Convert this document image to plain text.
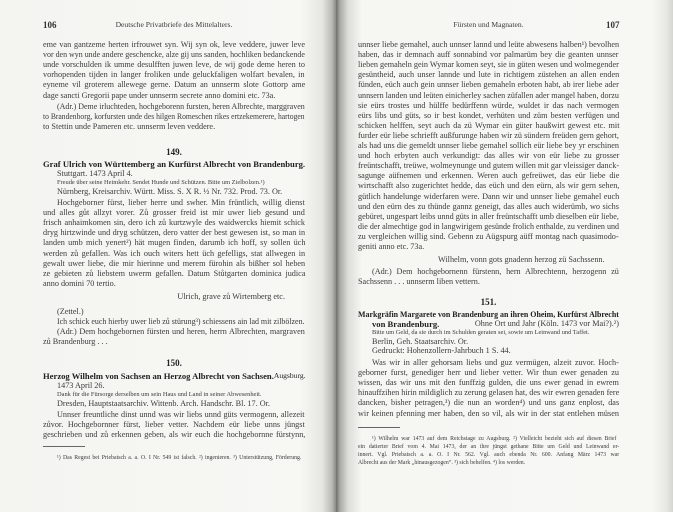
106	Deutsche Privatbriefe des Mittelalters.
149.
Graf Ulrich von Württemberg an Kurfürst Albrecht von Brandenburg.
Stuttgart. 1473 April 4.
Freude über seine Heimkehr. Sendet Hunde und Schützen. Bitte um Zielbolzen.¹)
Nürnberg, Kreisarchiv. Württ. Miss. S. X R. ½ Nr. 732. Prod. 73. Or.
Ulrich, grave zů Wirtemberg etc.
(Zettel.)
Ich schick euch hierby uwer lieb zů stürung³) schiessens ain lad mit zilbölzen.
150.
Herzog Wilhelm von Sachsen an Herzog Albrecht von Sachsen. Augsburg.
1473 April 26.
Dank für die Fürsorge derselben um sein Haus und Land in seiner Abwesenheit.
Dresden, Hauptstaatsarchiv. Wittenb. Arch. Handschr. Bl. 17. Or.
¹) Das Regest bei Priebatsch a. a. O. I Nr. 549 ist falsch. ²) ingenieren. ³) Unterstützung, Förderung.
eme van gantzeme herten irfrouwet syn. Wij syn ok, leve veddere, juwer leve
vor den wyn unde andere geschencke, alze gij uns sanden, hochliken bedanckende
unde vorschulden ik umme desulfften juwen leve, de wij gode deme heren to
vorhopenden tijden in langer froliken unde geluckfaligen wolfart bevalen, in
eyneme vil groterem allewege gerne. Datum an unnserm slote Gottorp ame
dage sancti Gregorii pape under unnserm secrete anno domini etc. 73a.
(Adr.) Deme irluchteden, hochgeborenn fursten, heren Albrechte, marggraven
to Brandenborg, korfursten unde des hilgen Romeschen rikes ertzekemerere, hartogen
to Stettin unde Pameren etc. unnserm leven veddere.
Hochgeborner fürst, lieber herre und swher. Min früntlich, willig dienst
und alles gůt allzyt vorer. Zů grosser freid ist mir uwer lieb gesund und
frisch anhaimkomen sin, dero ich zů kurtzwyle des waidwercks hiemit schick
dryg hirtzwinde und dryg schützen, dero vatter der best gewesen ist, so man in
landen umb mich yenert²) hät mugen finden, darumb ich hoff, sy sollen üch
werden zů gefallen. Was ich ouch witers hett üch gefelligs, stat allwegen in
gewalt uwer liebe, die mir hierinne und merem fürohin als bißher sol heben
ze gebieten zů liebstem uwerm gefallen. Datum Stůtgarten dominica judica
anno domini 70 tertio.
(Adr.) Dem hochgebornen fürsten und heren, herrn Albrechten, margraven
zů Brandenburg . . .
Unnser freuntliche dinst unnd was wir liebs unnd güts vermogenn, allezeit
zůvor. Hochgebornner fürst, lieber vetter. Nachdem eür liebe unns jüngst
geschrieben und zů erkennen geben, als wir euch die hochgebornne fürstynn,
Fürsten und Magnaten.	107
Wilhelm, vonn gots gnadenn herzog zü Sachssenn.
151.
Markgräfin Margarete von Brandenburg an ihren Oheim, Kurfürst Albrecht
von Brandenburg.	Ohne Ort und Jahr (Köln. 1473 vor Mai?).²)
Bitte um Geld, da sie durch im Schulden geraten sei, sowie um Leinwand und Taffet.
Berlin, Geh. Staatsarchiv. Or.
Gedruckt: Hohenzollern-Jahrbuch 1 S. 44.
unnser liebe gemahel, auch unnser lannd und leüte abwesens halben¹) bevolhen
haben, das ir demnach auff sonnabind vor palmarüm bey die geanten unnser
lieben gemaheln gein Wymar komen seyt, sie in güten wesen und wolmegender
gesüntheid, auch unser lannde und lute in richtigem züstehen an allen enden
fünden, eüch auch gein unnser lieben gemaheln erboten habt, ab irer liebe ader
unnsern landen und leüten einicherley sachen züfallen ader mangel haben, dorzu
sie eürs trostes und hülffe bedürffenn würde, wuldet ir das nach vermogen
eürs libs und güts, so ir best kondet, verhüten und züm besten verfügen und
schicken helffen, seyt auch da zü Wymar ein güter haußwirt gewest etc. mit
furder eür liebe schriefft außfurunge haben wir zü sündern freüden gern gehort,
als had uns die gemeldt unnser liebe gemahel sollich eür liebe bey yr erschinen
und hoch erbyten auch verkundigt: das alles wir von eür liebe zu grosser
freüntschafft, treüwe, wolmeynunge und gutem willen mit gar vleissiger danck-
sagunge aüfnemen und erkennen. Weren auch gefreüwet, das eür liebe die
wirtschafft also zugerichtet hedde, das eüch und den eürn, als wir gern sehen,
gütlich handelunge widerfaren were. Dann wir und unnser liebe gemahel euch
und den eürn des zu thünde gannz geneigt, das alles auch widerümb, wo sichs
gebüret, ungespart leibs unnd güts in aller freüntschafft umb dieselben eür liebe,
die der almechtige god in langwirigem gesünde frolich enthalde, zu verdinen und
zu vergleichen willig sind. Gebenn zu Aügspurg aüff montag nach quasimodo-
geniti anno etc. 73a.
(Adr.) Dem hochgebornenn fürstenn, hern Albrechtenn, herzogenn zü
Sachssenn . . . unnserm liben vettern.
Was wir in aller gehorsam liebs und guz vermügen, alzeit zuvor. Hoch-
geborner furst, genediger herr und lieber vetter. Wir thun ewer genaden zu
wissen, das wir uns mit den funffzig gulden, die uns ewer genad in ewrem
hinauffzihen hirin mildiglich zu zerung gelasen hat, des wir ewren genaden fere
dancken, bisher petragen,³) die nun an worden⁴) und uns ganz enplost, das
wir keinen pfenning mer haben, den so vil, als wir in der stat entlehen müsen
¹) Wilhelm war 1473 auf dem Reichstage zu Augsburg. ²) Vielleicht bezieht sich auf diesen Brief
ein datierter Brief vom 4. Mai 1473, der an ihre jüngst gethane Bitte um Geld und Leinwand er-
innert. Vgl. Priebatsch a. a. O. I Nr. 562. Vgl. auch ebenda Nr. 600. Anfang März 1473 war
Albrecht aus der Mark „hinausgezogen“. ³) sich behelfen. ⁴) los werden.
